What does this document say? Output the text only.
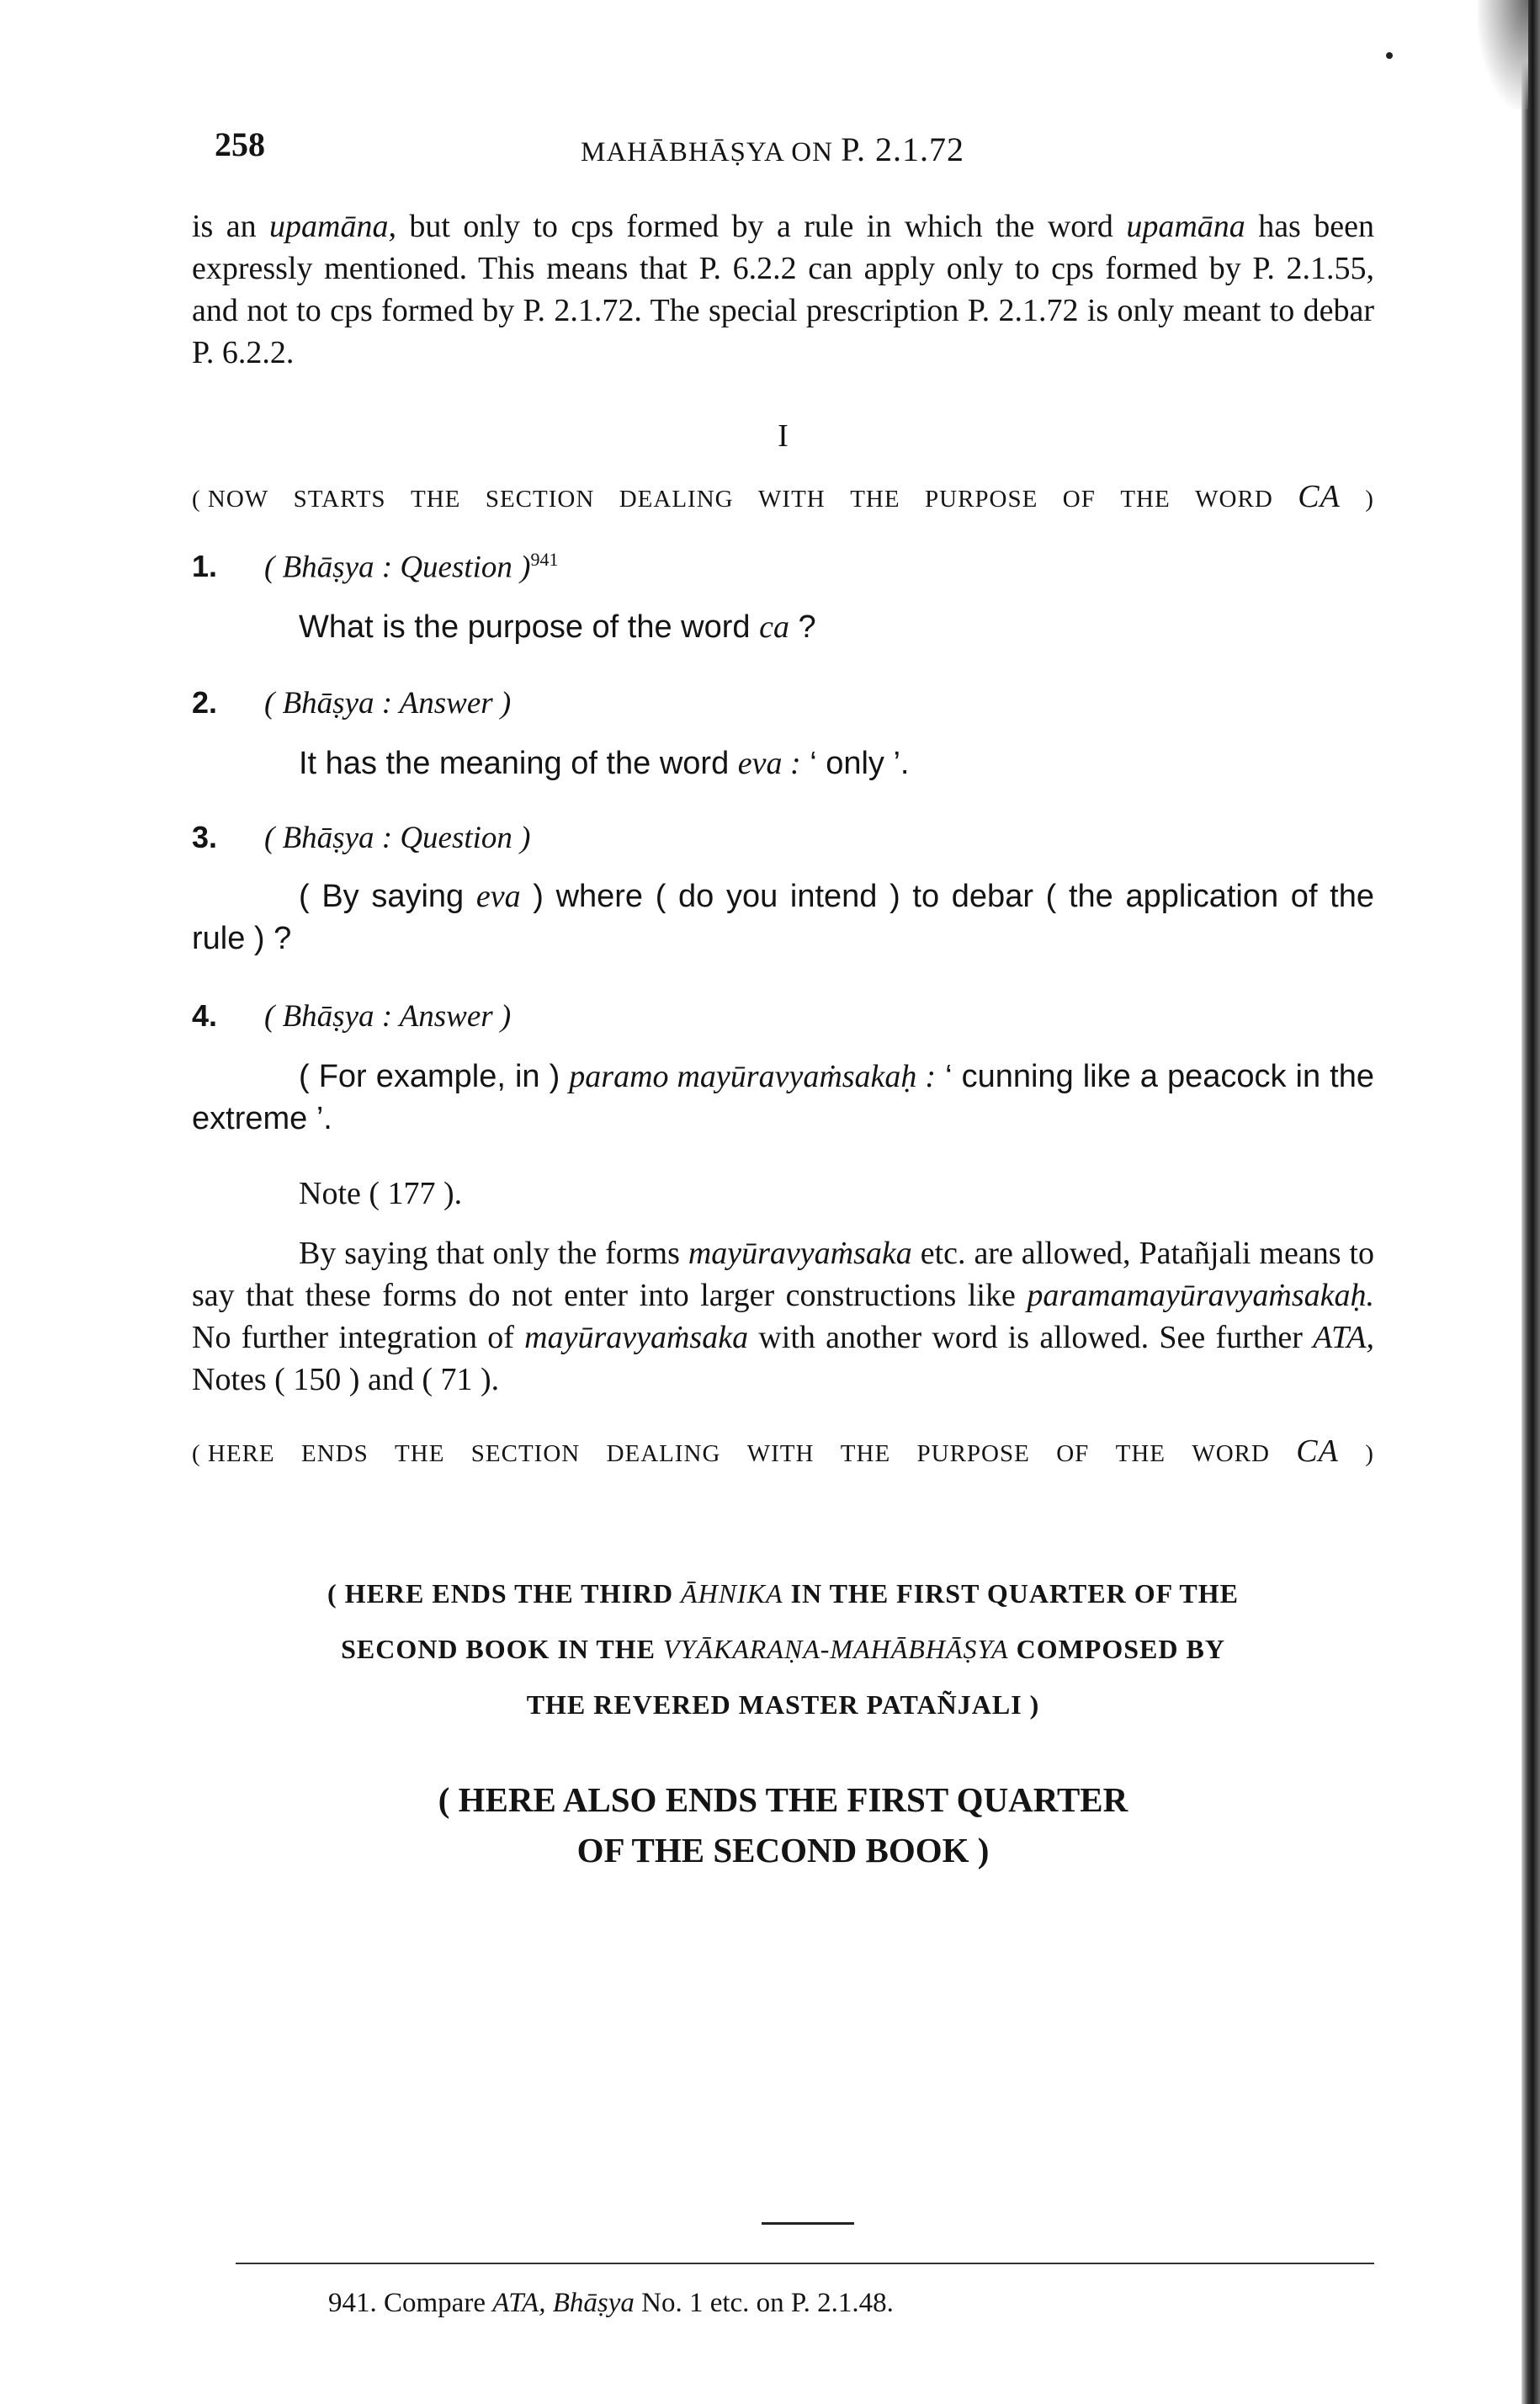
258	MAHĀBHĀṢYA ON P. 2.1.72

is an upamāna, but only to cps formed by a rule in which the word upamāna has been expressly mentioned. This means that P. 6.2.2 can apply only to cps formed by P. 2.1.55, and not to cps formed by P. 2.1.72. The special prescription P. 2.1.72 is only meant to debar P. 6.2.2.

I
( NOW STARTS THE SECTION DEALING WITH THE PURPOSE OF THE WORD CA )
1. ( Bhāṣya : Question )$^{941}$

What is the purpose of the word ca ?

2. ( Bhāṣya : Answer )

It has the meaning of the word eva : ‘ only ’.

3. ( Bhāṣya : Question )

( By saying eva ) where ( do you intend ) to debar ( the application of the rule ) ?

4. ( Bhāṣya : Answer )

( For example, in ) paramo mayūravyaṁsakaḥ : ‘ cunning like a peacock in the extreme ’.

Note ( 177 ).

By saying that only the forms mayūravyaṁsaka etc. are allowed, Patañjali means to say that these forms do not enter into larger constructions like paramamayūravyaṁsakaḥ. No further integration of mayūravyaṁsaka with another word is allowed. See further ATA, Notes ( 150 ) and ( 71 ).

( HERE ENDS THE SECTION DEALING WITH THE PURPOSE OF THE WORD CA )
( HERE ENDS THE THIRD ĀHNIKA IN THE FIRST QUARTER OF THE
SECOND BOOK IN THE VYĀKARAṆA-MAHĀBHĀṢYA COMPOSED BY
THE REVERED MASTER PATAÑJALI )
( HERE ALSO ENDS THE FIRST QUARTER
OF THE SECOND BOOK )
941. Compare ATA, Bhāṣya No. 1 etc. on P. 2.1.48.
